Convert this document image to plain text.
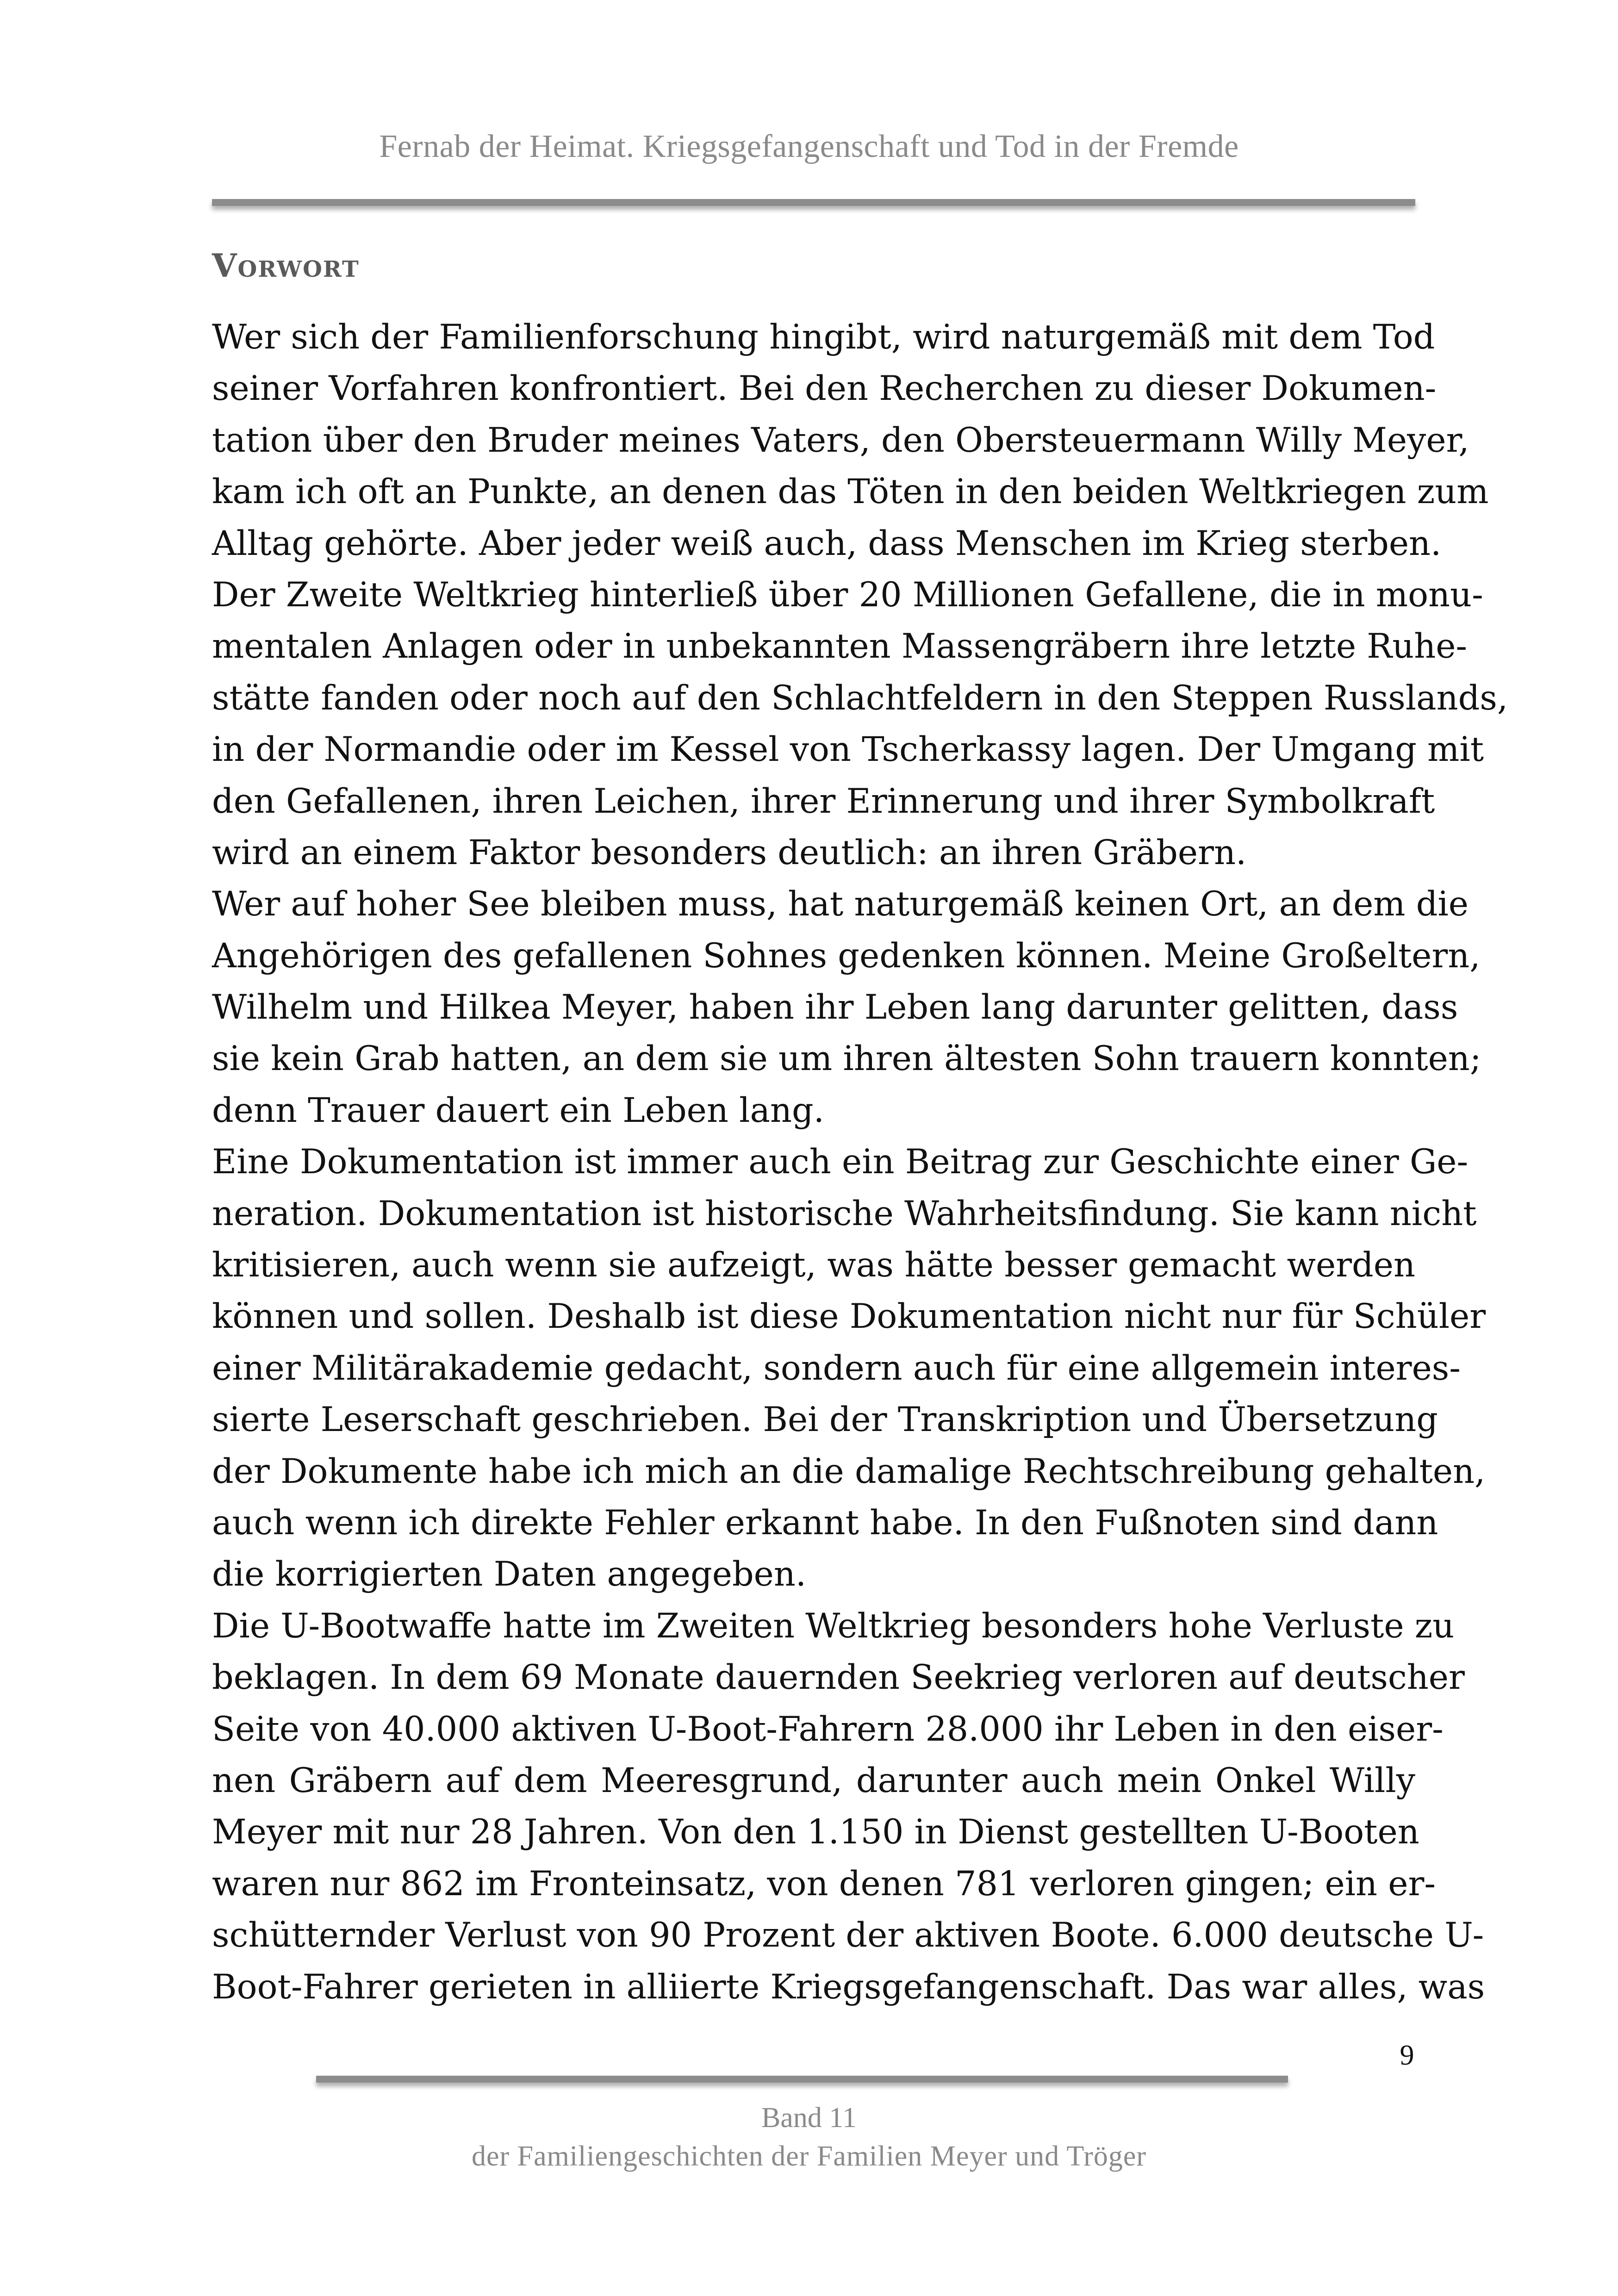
Fernab der Heimat. Kriegsgefangenschaft und Tod in der Fremde
Vorwort
Wer sich der Familienforschung hingibt, wird naturgemäß mit dem Tod
seiner Vorfahren konfrontiert. Bei den Recherchen zu dieser Dokumen-
tation über den Bruder meines Vaters, den Obersteuermann Willy Meyer,
kam ich oft an Punkte, an denen das Töten in den beiden Weltkriegen zum
Alltag gehörte. Aber jeder weiß auch, dass Menschen im Krieg sterben.
Der Zweite Weltkrieg hinterließ über 20 Millionen Gefallene, die in monu-
mentalen Anlagen oder in unbekannten Massengräbern ihre letzte Ruhe-
stätte fanden oder noch auf den Schlachtfeldern in den Steppen Russlands,
in der Normandie oder im Kessel von Tscherkassy lagen. Der Umgang mit
den Gefallenen, ihren Leichen, ihrer Erinnerung und ihrer Symbolkraft
wird an einem Faktor besonders deutlich: an ihren Gräbern.
Wer auf hoher See bleiben muss, hat naturgemäß keinen Ort, an dem die
Angehörigen des gefallenen Sohnes gedenken können. Meine Großeltern,
Wilhelm und Hilkea Meyer, haben ihr Leben lang darunter gelitten, dass
sie kein Grab hatten, an dem sie um ihren ältesten Sohn trauern konnten;
denn Trauer dauert ein Leben lang.
Eine Dokumentation ist immer auch ein Beitrag zur Geschichte einer Ge-
neration. Dokumentation ist historische Wahrheitsfindung. Sie kann nicht
kritisieren, auch wenn sie aufzeigt, was hätte besser gemacht werden
können und sollen. Deshalb ist diese Dokumentation nicht nur für Schüler
einer Militärakademie gedacht, sondern auch für eine allgemein interes-
sierte Leserschaft geschrieben. Bei der Transkription und Übersetzung
der Dokumente habe ich mich an die damalige Rechtschreibung gehalten,
auch wenn ich direkte Fehler erkannt habe. In den Fußnoten sind dann
die korrigierten Daten angegeben.
Die U-Bootwaffe hatte im Zweiten Weltkrieg besonders hohe Verluste zu
beklagen. In dem 69 Monate dauernden Seekrieg verloren auf deutscher
Seite von 40.000 aktiven U-Boot-Fahrern 28.000 ihr Leben in den eiser-
nen Gräbern auf dem Meeresgrund, darunter auch mein Onkel Willy
Meyer mit nur 28 Jahren. Von den 1.150 in Dienst gestellten U-Booten
waren nur 862 im Fronteinsatz, von denen 781 verloren gingen; ein er-
schütternder Verlust von 90 Prozent der aktiven Boote. 6.000 deutsche U-
Boot-Fahrer gerieten in alliierte Kriegsgefangenschaft. Das war alles, was
9
Band 11
der Familiengeschichten der Familien Meyer und Tröger
